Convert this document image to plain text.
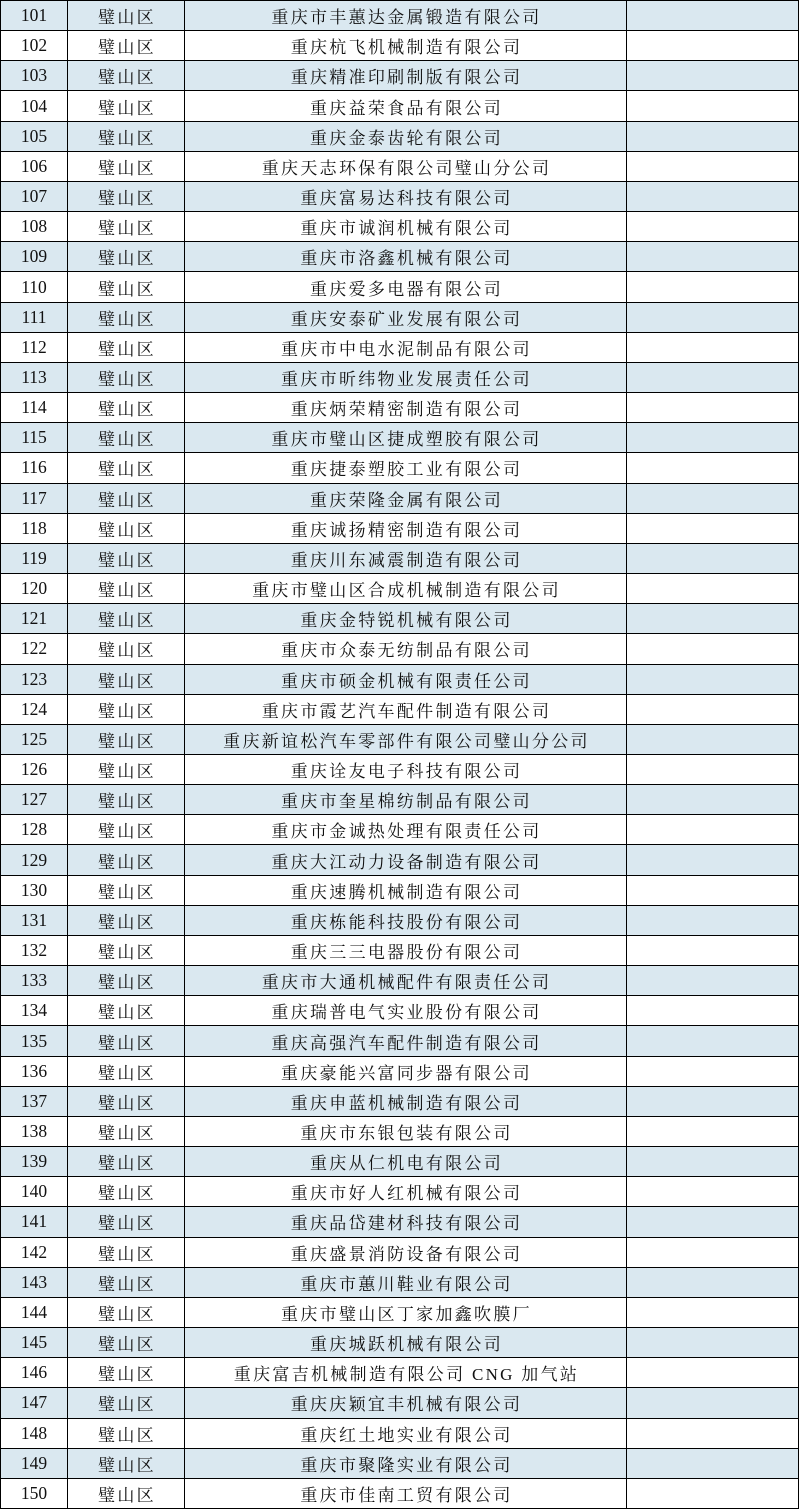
101	璧山区	重庆市丰蕙达金属锻造有限公司
102	璧山区	重庆杭飞机械制造有限公司
103	璧山区	重庆精准印刷制版有限公司
104	璧山区	重庆益荣食品有限公司
105	璧山区	重庆金泰齿轮有限公司
106	璧山区	重庆天志环保有限公司璧山分公司
107	璧山区	重庆富易达科技有限公司
108	璧山区	重庆市诚润机械有限公司
109	璧山区	重庆市洛鑫机械有限公司
110	璧山区	重庆爱多电器有限公司
111	璧山区	重庆安泰矿业发展有限公司
112	璧山区	重庆市中电水泥制品有限公司
113	璧山区	重庆市昕纬物业发展责任公司
114	璧山区	重庆炳荣精密制造有限公司
115	璧山区	重庆市璧山区捷成塑胶有限公司
116	璧山区	重庆捷泰塑胶工业有限公司
117	璧山区	重庆荣隆金属有限公司
118	璧山区	重庆诚扬精密制造有限公司
119	璧山区	重庆川东减震制造有限公司
120	璧山区	重庆市璧山区合成机械制造有限公司
121	璧山区	重庆金特锐机械有限公司
122	璧山区	重庆市众泰无纺制品有限公司
123	璧山区	重庆市硕金机械有限责任公司
124	璧山区	重庆市霞艺汽车配件制造有限公司
125	璧山区	重庆新谊松汽车零部件有限公司璧山分公司
126	璧山区	重庆诠友电子科技有限公司
127	璧山区	重庆市奎星棉纺制品有限公司
128	璧山区	重庆市金诚热处理有限责任公司
129	璧山区	重庆大江动力设备制造有限公司
130	璧山区	重庆速腾机械制造有限公司
131	璧山区	重庆栋能科技股份有限公司
132	璧山区	重庆三三电器股份有限公司
133	璧山区	重庆市大通机械配件有限责任公司
134	璧山区	重庆瑞普电气实业股份有限公司
135	璧山区	重庆高强汽车配件制造有限公司
136	璧山区	重庆豪能兴富同步器有限公司
137	璧山区	重庆申蓝机械制造有限公司
138	璧山区	重庆市东银包装有限公司
139	璧山区	重庆从仁机电有限公司
140	璧山区	重庆市好人红机械有限公司
141	璧山区	重庆品岱建材科技有限公司
142	璧山区	重庆盛景消防设备有限公司
143	璧山区	重庆市蕙川鞋业有限公司
144	璧山区	重庆市璧山区丁家加鑫吹膜厂
145	璧山区	重庆城跃机械有限公司
146	璧山区	重庆富吉机械制造有限公司 CNG 加气站
147	璧山区	重庆庆颖宜丰机械有限公司
148	璧山区	重庆红土地实业有限公司
149	璧山区	重庆市聚隆实业有限公司
150	璧山区	重庆市佳南工贸有限公司
